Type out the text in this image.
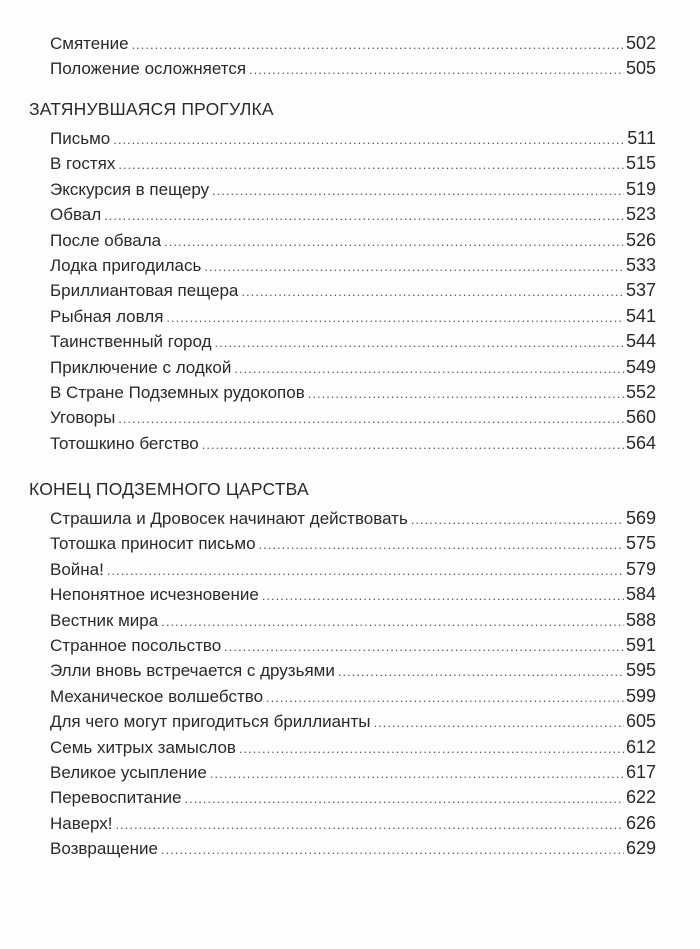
Смятение .....	502
Положение осложняется .....	505
ЗАТЯНУВШАЯСЯ ПРОГУЛКА
Письмо .....	511
В гостях .....	515
Экскурсия в пещеру .....	519
Обвал .....	523
После обвала .....	526
Лодка пригодилась .....	533
Бриллиантовая пещера .....	537
Рыбная ловля .....	541
Таинственный город .....	544
Приключение с лодкой .....	549
В Стране Подземных рудокопов .....	552
Уговоры .....	560
Тотошкино бегство .....	564
КОНЕЦ ПОДЗЕМНОГО ЦАРСТВА
Страшила и Дровосек начинают действовать .....	569
Тотошка приносит письмо .....	575
Война! .....	579
Непонятное исчезновение .....	584
Вестник мира .....	588
Странное посольство .....	591
Элли вновь встречается с друзьями .....	595
Механическое волшебство .....	599
Для чего могут пригодиться бриллианты .....	605
Семь хитрых замыслов .....	612
Великое усыпление .....	617
Перевоспитание .....	622
Наверх! .....	626
Возвращение .....	629
